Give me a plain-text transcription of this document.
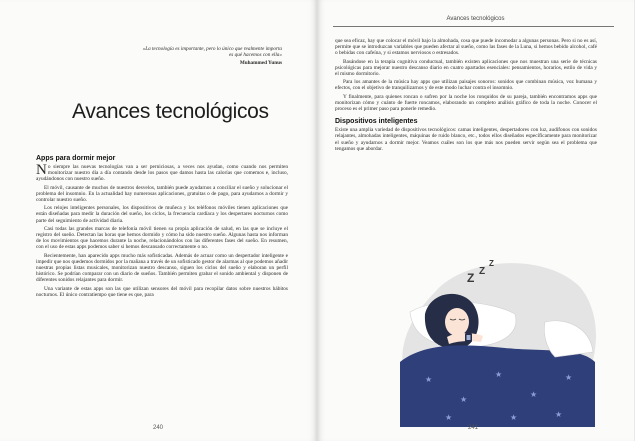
«La tecnología es importante, pero lo único que realmente importa
es qué hacemos con ella»
Muhammed Yunus
Avances tecnológicos
Apps para dormir mejor

No siempre las nuevas tecnologías van a ser perniciosas, a veces nos ayudan, como cuando nos permiten monitorizar nuestro día a día contando desde los pasos que damos hasta las calorías que comemos e, incluso, ayudándonos con nuestro sueño.

El móvil, causante de muchos de nuestros desvelos, también puede ayudarnos a conciliar el sueño y solucionar el problema del insomnio. En la actualidad hay numerosas aplicaciones, gratuitas o de pago, para ayudarnos a dormir y controlar nuestro sueño.

Los relojes inteligentes personales, los dispositivos de muñeca y los teléfonos móviles tienen aplicaciones que están diseñadas para medir la duración del sueño, los ciclos, la frecuencia cardíaca y los despertares nocturnos como parte del seguimiento de actividad diaria.

Casi todas las grandes marcas de telefonía móvil tienen su propia aplicación de salud, en las que se incluye el registro del sueño. Detectan las horas que hemos dormido y cómo ha sido nuestro sueño. Algunas hasta nos informan de los movimientos que hacemos durante la noche, relacionándolos con las diferentes fases del sueño. En resumen, con el uso de estas apps podemos saber si hemos descansado correctamente o no.

Recientemente, han aparecido apps mucho más sofisticadas. Además de actuar como un despertador inteligente e impedir que nos quedemos dormidos por la mañana a través de un sofisticado gestor de alarmas al que podemos añadir nuestras propias listas musicales, monitorizan nuestro descanso, siguen los ciclos del sueño y elaboran un perfil histórico. Se podrían comparar con un diario de sueños. También permiten grabar el sonido ambiental y disponen de diferentes sonidos relajantes para dormir.

Una variante de estas apps son las que utilizan sensores del móvil para recopilar datos sobre nuestros hábitos nocturnos. El único contratiempo que tiene es que, para

240
Avances tecnológicos

que sea eficaz, hay que colocar el móvil bajo la almohada, cosa que puede incomodar a algunas personas. Pero si no es así, permite que se introduzcan variables que pueden afectar al sueño, como las fases de la Luna, si hemos bebido alcohol, café o bebidas con cafeína, y si estamos nerviosos o estresados.

Basándose en la terapia cognitiva conductual, también existen aplicaciones que nos muestran una serie de técnicas psicológicas para mejorar nuestro descanso diario en cuatro apartados esenciales: pensamientos, horarios, estilo de vida y el mismo dormitorio.

Para los amantes de la música hay apps que utilizan paisajes sonoros: sonidos que combinan música, voz humana y efectos, con el objetivo de tranquilizarnos y de este modo luchar contra el insomnio.

Y finalmente, para quienes roncan o sufren por la noche los ronquidos de su pareja, también encontramos apps que monitorizan cómo y cuánto de fuerte roncamos, elaborando un completo análisis gráfico de toda la noche. Conocer el proceso es el primer paso para ponerle remedio.

Dispositivos inteligentes

Existe una amplia variedad de dispositivos tecnológicos: camas inteligentes, despertadores con luz, audífonos con sonidos relajantes, almohadas inteligentes, máquinas de ruido blanco, etc., todos ellos diseñados específicamente para monitorizar el sueño y ayudarnos a dormir mejor. Veamos cuáles son los que más nos pueden servir según sea el problema que tengamos que abordar.

Z Z
Z
★
★
★
★
★
★	★	★
241
